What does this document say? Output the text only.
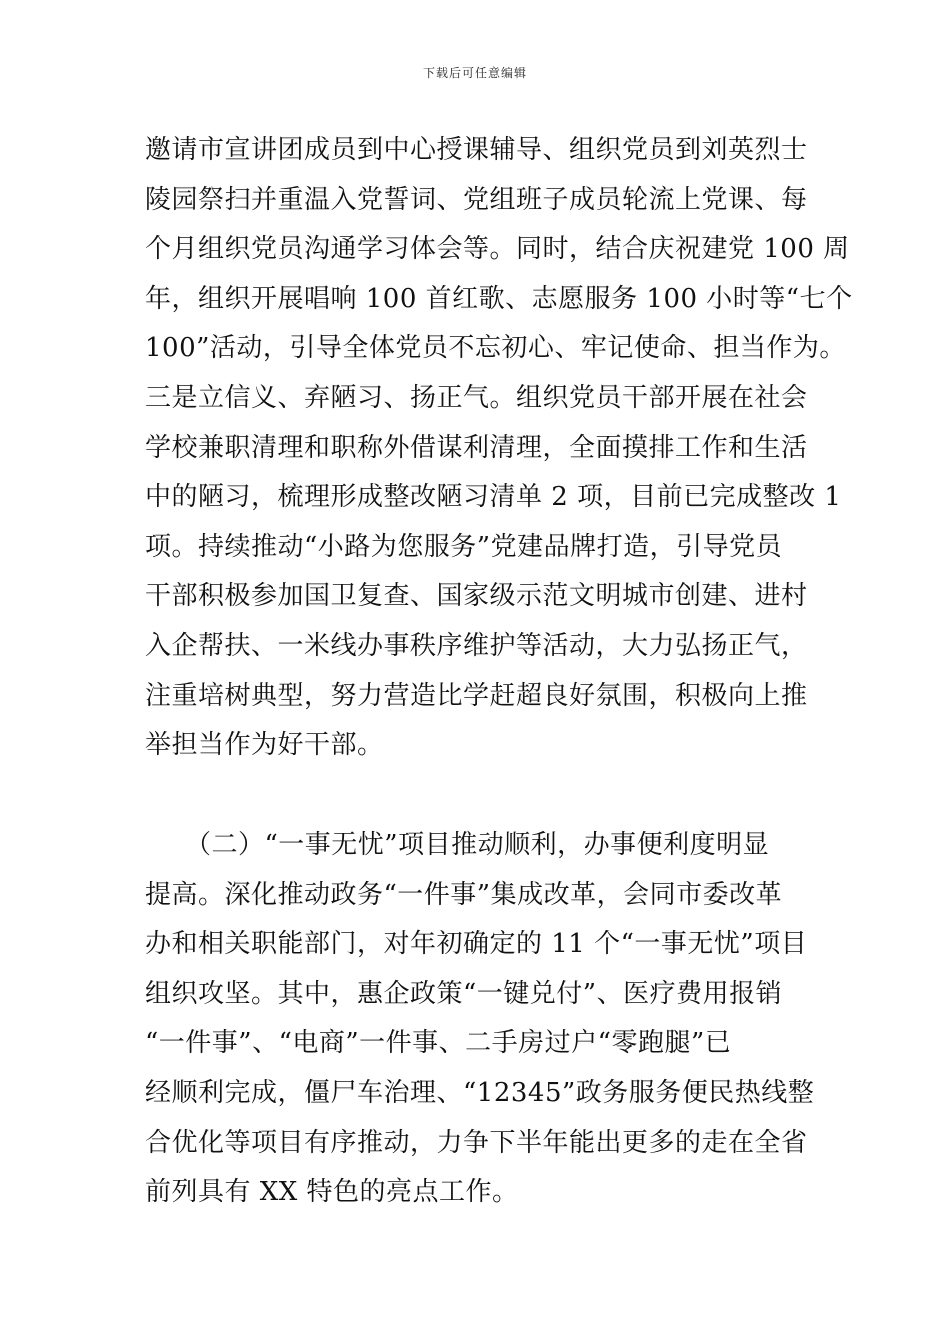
下载后可任意编辑
邀请市宣讲团成员到中心授课辅导、组织党员到刘英烈士
陵园祭扫并重温入党誓词、党组班子成员轮流上党课、每
个月组织党员沟通学习体会等。同时，结合庆祝建党 100 周
年，组织开展唱响 100 首红歌、志愿服务 100 小时等“七个
100”活动，引导全体党员不忘初心、牢记使命、担当作为。
三是立信义、弃陋习、扬正气。组织党员干部开展在社会
学校兼职清理和职称外借谋利清理，全面摸排工作和生活
中的陋习，梳理形成整改陋习清单 2 项，目前已完成整改 1
项。持续推动“小路为您服务”党建品牌打造，引导党员
干部积极参加国卫复查、国家级示范文明城市创建、进村
入企帮扶、一米线办事秩序维护等活动，大力弘扬正气，
注重培树典型，努力营造比学赶超良好氛围，积极向上推
举担当作为好干部。
　　（二）“一事无忧”项目推动顺利，办事便利度明显
提高。深化推动政务“一件事”集成改革，会同市委改革
办和相关职能部门，对年初确定的 11 个“一事无忧”项目
组织攻坚。其中，惠企政策“一键兑付”、医疗费用报销
“一件事”、“电商”一件事、二手房过户“零跑腿”已
经顺利完成，僵尸车治理、“12345”政务服务便民热线整
合优化等项目有序推动，力争下半年能出更多的走在全省
前列具有 XX 特色的亮点工作。
